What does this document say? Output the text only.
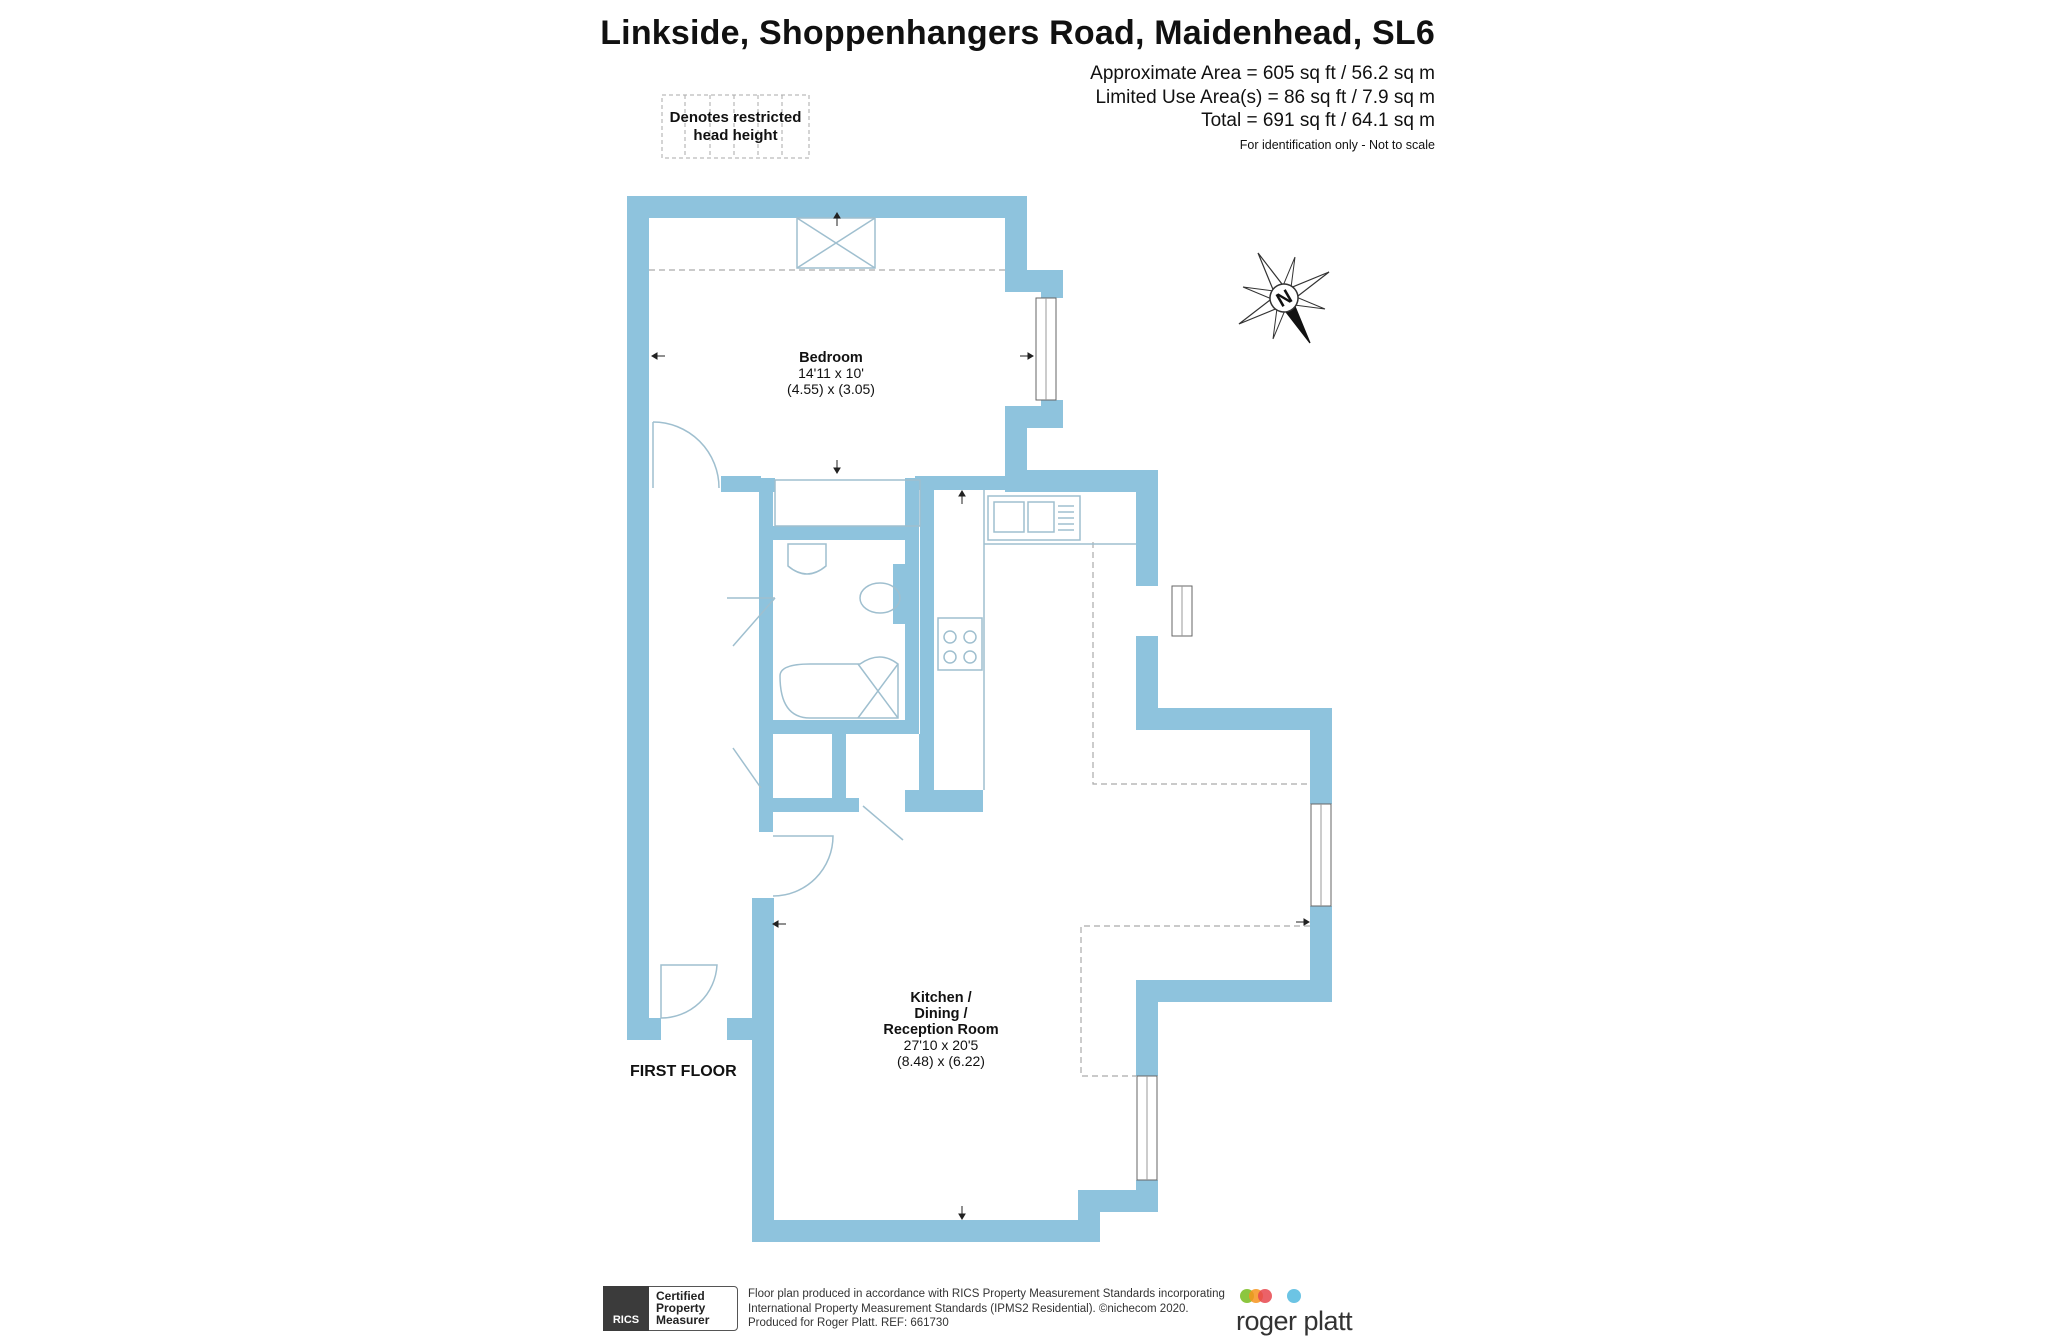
Linkside, Shoppenhangers Road, Maidenhead, SL6
Approximate Area = 605 sq ft / 56.2 sq m
Limited Use Area(s) = 86 sq ft / 7.9 sq m
Total = 691 sq ft / 64.1 sq m
For identification only - Not to scale
Denotes restricted
head height
Bedroom
14'11 x 10'
(4.55) x (3.05)
Kitchen /
Dining /
Reception Room
27'10 x 20'5
(8.48) x (6.22)
FIRST FLOOR
N
RICS
Certified
Property
Measurer
Floor plan produced in accordance with RICS Property Measurement Standards incorporating
International Property Measurement Standards (IPMS2 Residential). ©nichecom 2020.
Produced for Roger Platt. REF: 661730	roger platt
